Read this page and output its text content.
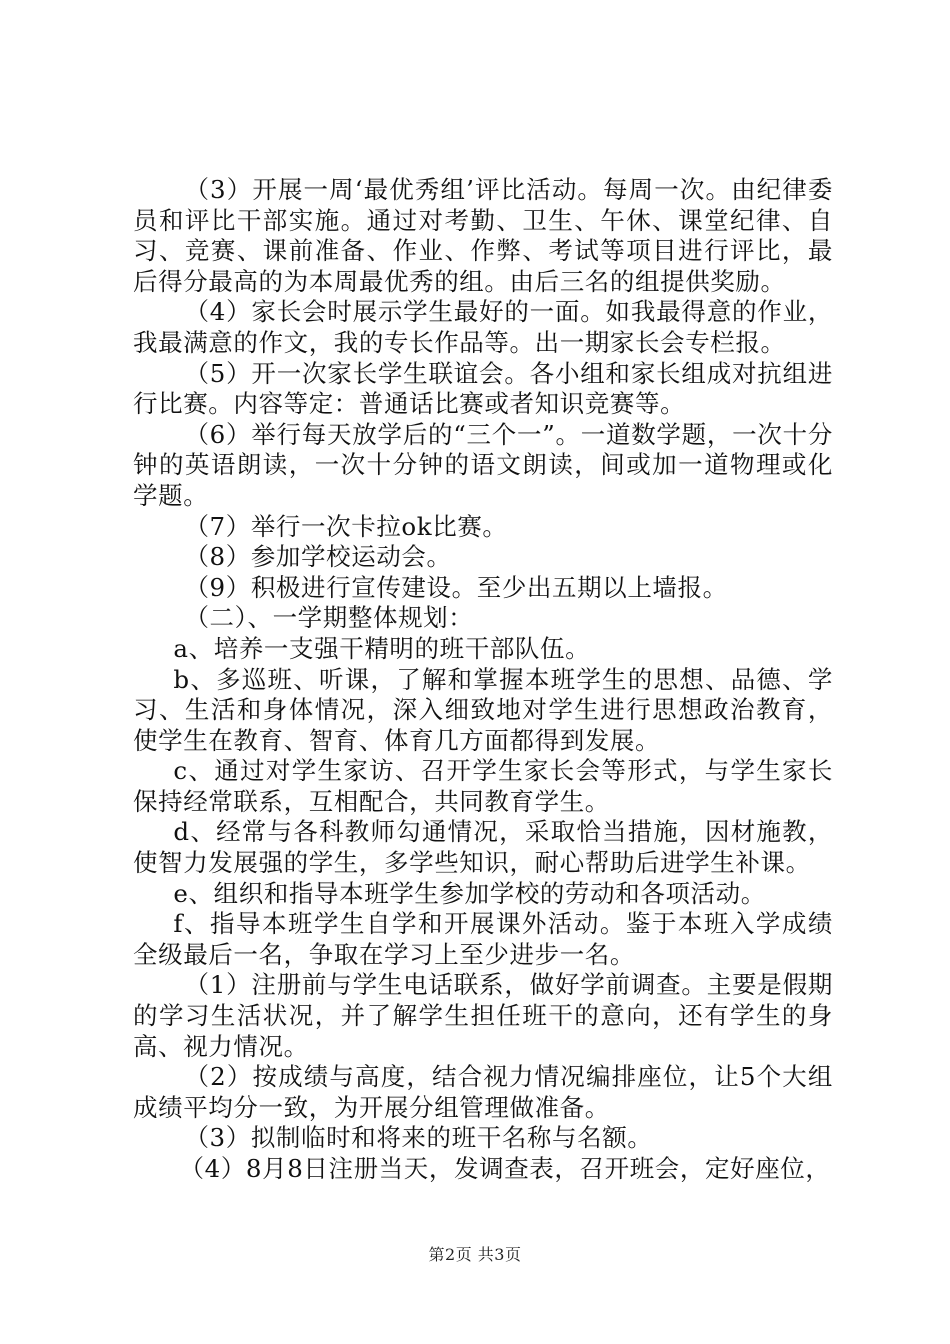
（3）开展一周‘最优秀组’评比活动。每周一次。由纪律委员和评比干部实施。通过对考勤、卫生、午休、课堂纪律、自习、竞赛、课前准备、作业、作弊、考试等项目进行评比，最后得分最高的为本周最优秀的组。由后三名的组提供奖励。

（4）家长会时展示学生最好的一面。如我最得意的作业，我最满意的作文，我的专长作品等。出一期家长会专栏报。

（5）开一次家长学生联谊会。各小组和家长组成对抗组进行比赛。内容等定：普通话比赛或者知识竞赛等。

（6）举行每天放学后的“三个一”。一道数学题，一次十分钟的英语朗读，一次十分钟的语文朗读，间或加一道物理或化学题。

（7）举行一次卡拉ok比赛。

（8）参加学校运动会。

（9）积极进行宣传建设。至少出五期以上墙报。

（二）、一学期整体规划：

a、培养一支强干精明的班干部队伍。

b、多巡班、听课，了解和掌握本班学生的思想、品德、学习、生活和身体情况，深入细致地对学生进行思想政治教育，使学生在教育、智育、体育几方面都得到发展。

c、通过对学生家访、召开学生家长会等形式，与学生家长保持经常联系，互相配合，共同教育学生。

d、经常与各科教师勾通情况，采取恰当措施，因材施教，使智力发展强的学生，多学些知识，耐心帮助后进学生补课。

e、组织和指导本班学生参加学校的劳动和各项活动。

f、指导本班学生自学和开展课外活动。鉴于本班入学成绩全级最后一名，争取在学习上至少进步一名。

（1）注册前与学生电话联系，做好学前调查。主要是假期的学习生活状况，并了解学生担任班干的意向，还有学生的身高、视力情况。

（2）按成绩与高度，结合视力情况编排座位，让5个大组成绩平均分一致，为开展分组管理做准备。

（3）拟制临时和将来的班干名称与名额。

（4）8月8日注册当天，发调查表，召开班会，定好座位，

第2页 共3页
